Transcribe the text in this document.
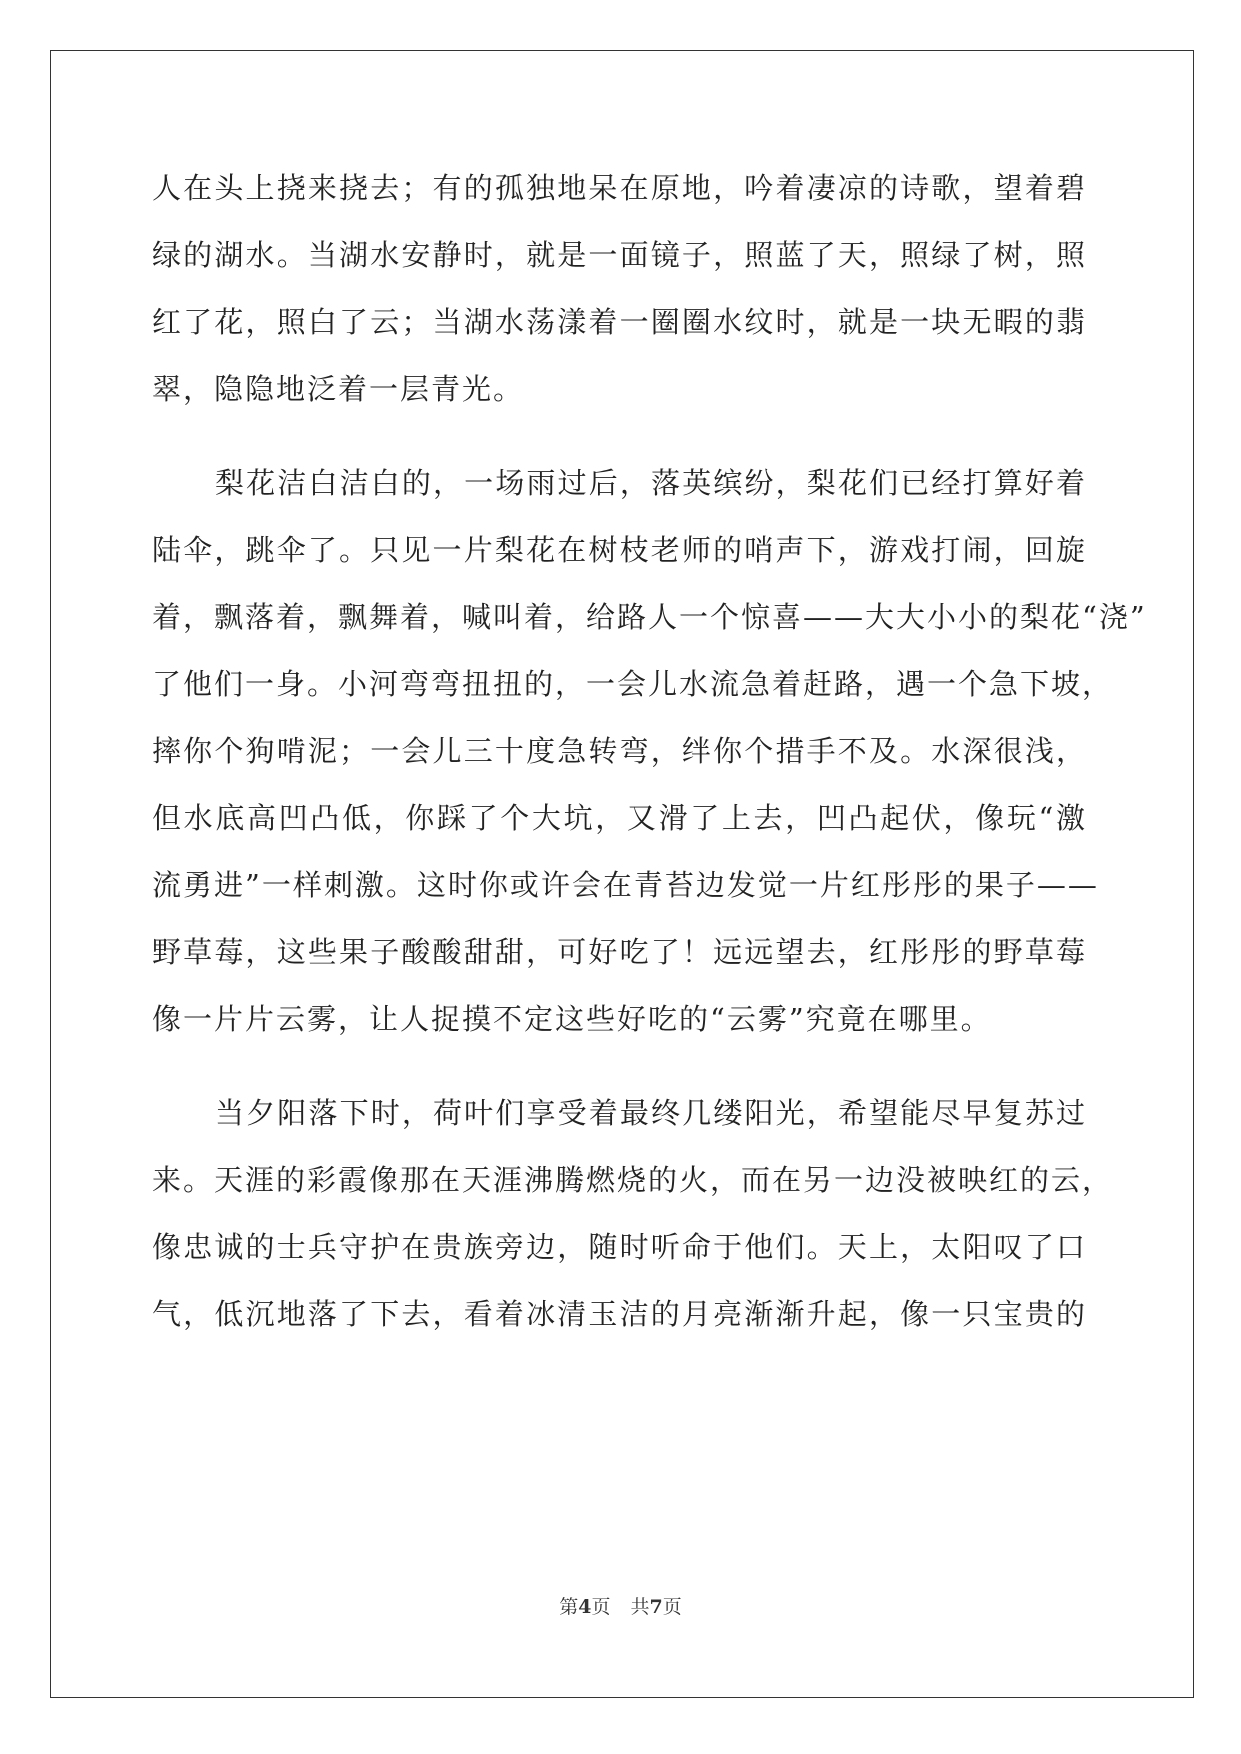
人在头上挠来挠去；有的孤独地呆在原地，吟着凄凉的诗歌，望着碧
绿的湖水。当湖水安静时，就是一面镜子，照蓝了天，照绿了树，照
红了花，照白了云；当湖水荡漾着一圈圈水纹时，就是一块无暇的翡
翠，隐隐地泛着一层青光。
梨花洁白洁白的，一场雨过后，落英缤纷，梨花们已经打算好着
陆伞，跳伞了。只见一片梨花在树枝老师的哨声下，游戏打闹，回旋
着，飘落着，飘舞着，喊叫着，给路人一个惊喜——大大小小的梨花“浇”
了他们一身。小河弯弯扭扭的，一会儿水流急着赶路，遇一个急下坡，
摔你个狗啃泥；一会儿三十度急转弯，绊你个措手不及。水深很浅，
但水底高凹凸低，你踩了个大坑，又滑了上去，凹凸起伏，像玩“激
流勇进”一样刺激。这时你或许会在青苔边发觉一片红彤彤的果子——
野草莓，这些果子酸酸甜甜，可好吃了！远远望去，红彤彤的野草莓
像一片片云雾，让人捉摸不定这些好吃的“云雾”究竟在哪里。
当夕阳落下时，荷叶们享受着最终几缕阳光，希望能尽早复苏过
来。天涯的彩霞像那在天涯沸腾燃烧的火，而在另一边没被映红的云，
像忠诚的士兵守护在贵族旁边，随时听命于他们。天上，太阳叹了口
气，低沉地落了下去，看着冰清玉洁的月亮渐渐升起，像一只宝贵的
第4页 共7页
